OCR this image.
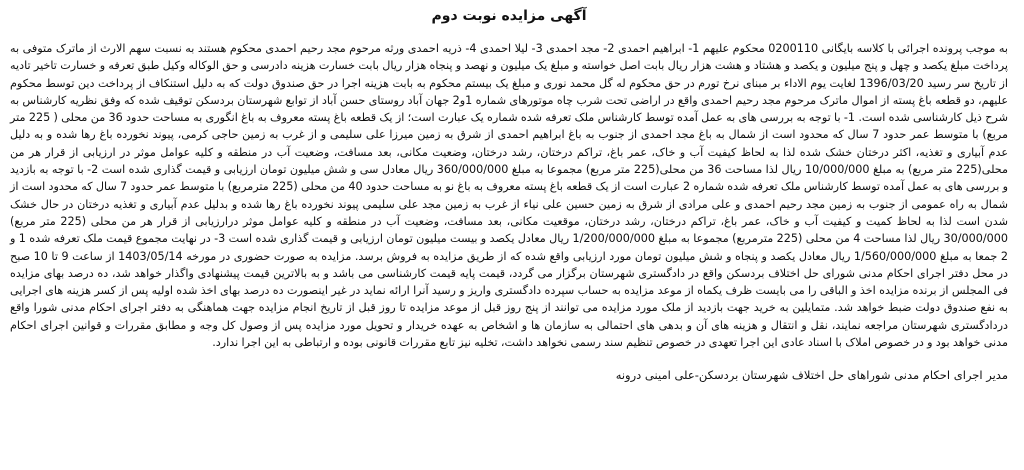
آگهی مزایده نوبت دوم

به موجب پرونده اجرائی با کلاسه بایگانی 0200110 محکوم علیهم 1- ابراهیم احمدی 2- مجد احمدی 3- لیلا احمدی 4- ذریه احمدی ورثه مرحوم مجد رحیم احمدی محکوم هستند به نسبت سهم الارث از ماترک متوفی به پرداخت مبلغ یکصد و چهل و پنج میلیون و یکصد و هشتاد و هشت هزار ریال بابت اصل خواسته و مبلغ یک میلیون و نهصد و پنجاه هزار ریال بابت خسارت هزینه دادرسی و حق الوکاله وکیل طبق تعرفه و خسارت تاخیر تادیه از تاریخ سر رسید 1396/03/20 لغایت یوم الاداء بر مبنای نرخ تورم در حق محکوم له گل محمد نوری و مبلغ یک بیستم محکوم به بابت هزینه اجرا در حق صندوق دولت که به دلیل استنکاف از پرداخت دین توسط محکوم علیهم، دو قطعه باغ پسته از اموال ماترک مرحوم مجد رحیم احمدی واقع در اراضی تحت شرب چاه موتورهای شماره 1و2 جهان آباد روستای حسن آباد از توابع شهرستان بردسکن توقیف شده که وفق نظریه کارشناس به شرح ذیل کارشناسی شده است. 1- با توجه به بررسی های به عمل آمده توسط کارشناس ملک تعرفه شده شماره یک عبارت است؛ از یک قطعه باغ پسته معروف به باغ انگوری به مساحت حدود 36 من محلی ( 225 متر مربع) با متوسط عمر حدود 7 سال که محدود است از شمال به باغ مجد احمدی از جنوب به باغ ابراهیم احمدی از شرق به زمین میرزا علی سلیمی و از غرب به زمین حاجی کرمی، پیوند نخورده باغ رها شده و به دلیل عدم آبیاری و تغذیه، اکثر درختان خشک شده لذا به لحاظ کیفیت آب و خاک، عمر باغ، تراکم درختان، رشد درختان، وضعیت مکانی، بعد مسافت، وضعیت آب در منطقه و کلیه عوامل موثر در ارزیابی از قرار هر من محلی(225 متر مربع) به مبلغ 10/000/000 ریال لذا مساحت 36 من محلی(225 متر مربع) مجموعا به مبلغ 360/000/000 ریال معادل سی و شش میلیون تومان ارزیابی و قیمت گذاری شده است 2- با توجه به بازدید و بررسی های به عمل آمده توسط کارشناس ملک تعرفه شده شماره 2 عبارت است از یک قطعه باغ پسته معروف به باغ نو به مساحت حدود 40 من محلی (225 مترمربع) با متوسط عمر حدود 7 سال که محدود است از شمال به راه عمومی از جنوب به زمین مجد رحیم احمدی و علی مرادی از شرق به زمین حسین علی نیاء از غرب به زمین مجد علی سلیمی پیوند نخورده باغ رها شده و بدلیل عدم آبیاری و تغذیه درختان در حال خشک شدن است لذا به لحاظ کمیت و کیفیت آب و خاک، عمر باغ، تراکم درختان، رشد درختان، موقعیت مکانی، بعد مسافت، وضعیت آب در منطقه و کلیه عوامل موثر درارزیابی از قرار هر من محلی (225 متر مربع) 30/000/000 ریال لذا مساحت 4 من محلی (225 مترمربع) مجموعا به مبلغ 1/200/000/000 ریال معادل یکصد و بیست میلیون تومان ارزیابی و قیمت گذاری شده است 3- در نهایت مجموع قیمت ملک تعرفه شده 1 و 2 جمعا به مبلغ 1/560/000/000 ریال معادل یکصد و پنجاه و شش میلیون تومان مورد ارزیابی واقع شده که از طریق مزایده به فروش برسد. مزایده به صورت حضوری در مورخه 1403/05/14 از ساعت 9 تا 10 صبح در محل دفتر اجرای احکام مدنی شورای حل اختلاف بردسکن واقع در دادگستری شهرستان برگزار می گردد، قیمت پایه قیمت کارشناسی می باشد و به بالاترین قیمت پیشنهادی واگذار خواهد شد، ده درصد بهای مزایده فی المجلس از برنده مزایده اخذ و الباقی را می بایست ظرف یکماه از موعد مزایده به حساب سپرده دادگستری واریز و رسید آنرا ارائه نماید در غیر اینصورت ده درصد بهای اخذ شده اولیه پس از کسر هزینه های اجرایی به نفع صندوق دولت ضبط خواهد شد. متمایلین به خرید جهت بازدید از ملک مورد مزایده می توانند از پنج روز قبل از موعد مزایده تا روز قبل از تاریخ انجام مزایده جهت هماهنگی به دفتر اجرای احکام مدنی شورا واقع دردادگستری شهرستان مراجعه نمایند، نقل و انتقال و هزینه های آن و بدهی های احتمالی به سازمان ها و اشخاص به عهده خریدار و تحویل مورد مزایده پس از وصول کل وجه و مطابق مقررات و قوانین اجرای احکام مدنی خواهد بود و در خصوص املاک با اسناد عادی این اجرا تعهدی در خصوص تنظیم سند رسمی نخواهد داشت، تخلیه نیز تابع مقررات قانونی بوده و ارتباطی به این اجرا ندارد.

مدیر اجرای احکام مدنی شوراهای حل اختلاف شهرستان بردسکن-علی امینی درونه
